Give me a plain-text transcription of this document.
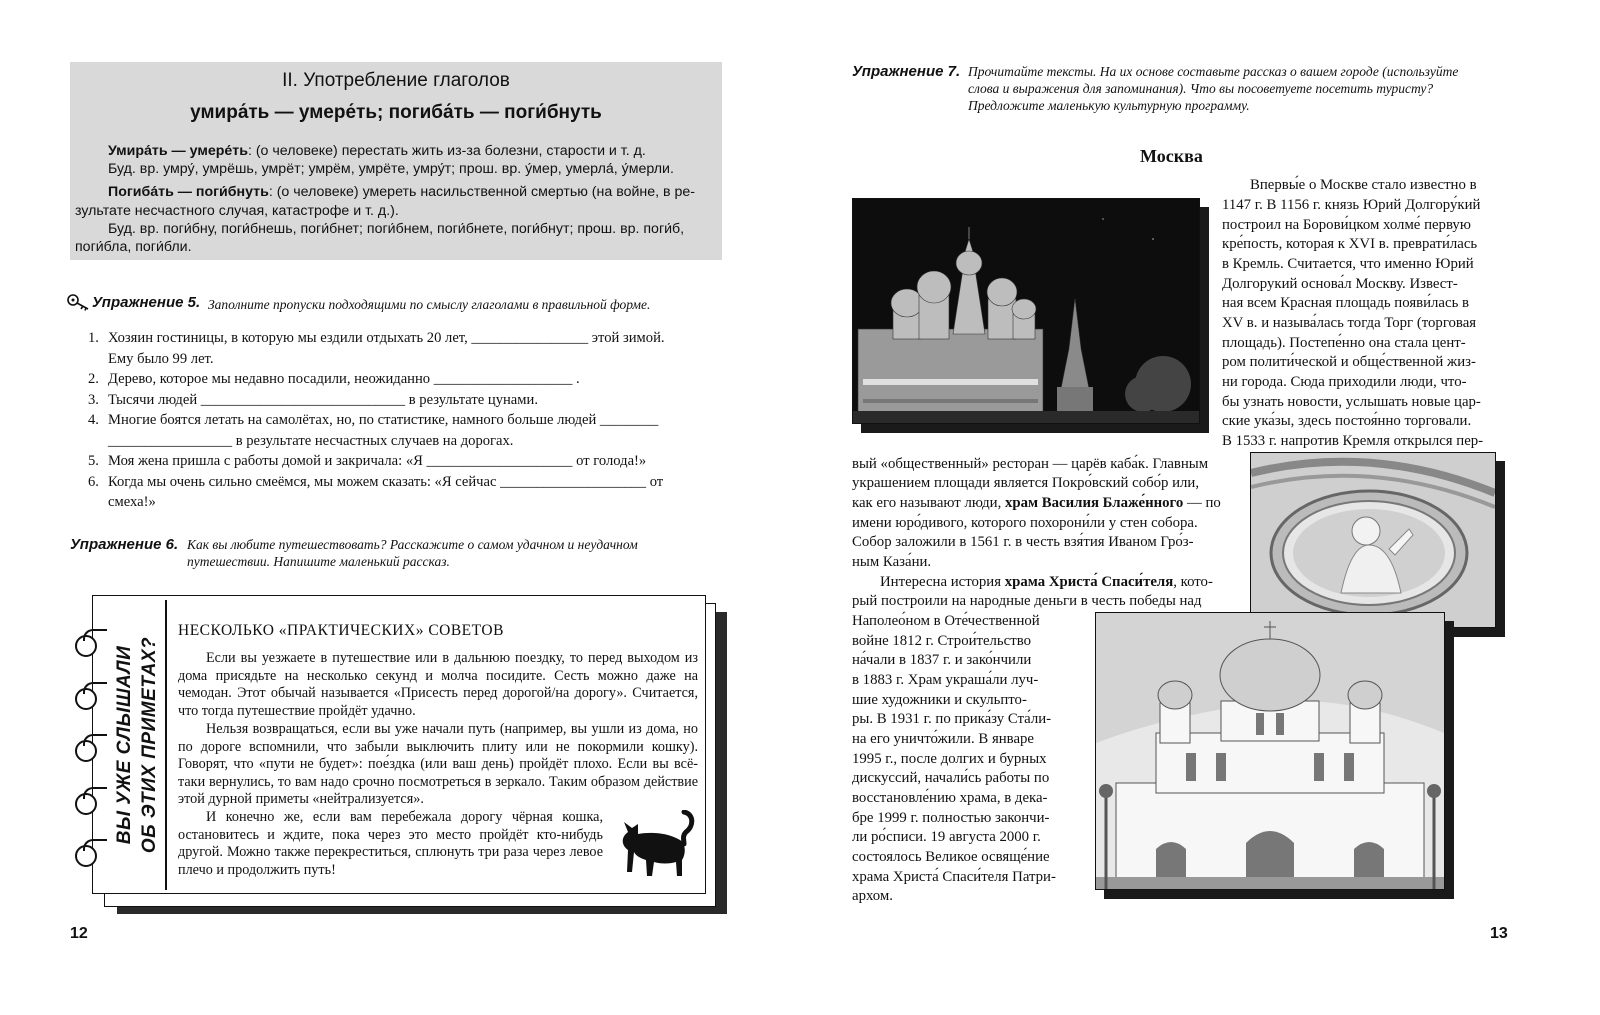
II. Употребление глаголов
умира́ть — умере́ть; погиба́ть — поги́бнуть
Умира́ть — умере́ть: (о человеке) перестать жить из-за болезни, старости и т. д.
Буд. вр. умру́, умрёшь, умрёт; умрём, умрёте, умру́т; прош. вр. у́мер, умерла́, у́мерли.
Погиба́ть — поги́бнуть: (о человеке) умереть насильственной смертью (на войне, в ре-
зультате несчастного случая, катастрофе и т. д.).
Буд. вр. поги́бну, поги́бнешь, поги́бнет; поги́бнем, поги́бнете, поги́бнут; прош. вр. поги́б,
поги́бла, поги́бли.
Упражнение 5. Заполните пропуски подходящими по смыслу глаголами в правильной форме.
1. Хозяин гостиницы, в которую мы ездили отдыхать 20 лет, ________________ этой зимой.
Ему было 99 лет.
2. Дерево, которое мы недавно посадили, неожиданно ___________________ .
3. Тысячи людей ____________________________ в результате цунами.
4. Многие боятся летать на самолётах, но, по статистике, намного больше людей ________
_________________ в результате несчастных случаев на дорогах.
5. Моя жена пришла с работы домой и закричала: «Я ____________________ от голода!»
6. Когда мы очень сильно смеёмся, мы можем сказать: «Я сейчас ____________________ от
смеха!»
Упражнение 6. Как вы любите путешествовать? Расскажите о самом удачном и неудачном
путешествии. Напишите маленький рассказ.
ВЫ УЖЕ СЛЫШАЛИ ОБ ЭТИХ ПРИМЕТАХ?
НЕСКОЛЬКО «ПРАКТИЧЕСКИХ» СОВЕТОВ
Если вы уезжаете в путешествие или в дальнюю поездку, то перед выходом из дома присядьте на несколько секунд и молча посидите. Сесть можно даже на чемодан. Этот обычай называется «Присесть перед дорогой/на дорогу». Считается, что тогда путешествие пройдёт удачно.
Нельзя возвращаться, если вы уже начали путь (например, вы ушли из дома, но по дороге вспомнили, что забыли выключить плиту или не покормили кошку). Говорят, что «пути не будет»: пое́здка (или ваш день) пройдёт плохо. Если вы всё-таки вернулись, то вам надо срочно посмотреться в зеркало. Таким образом действие этой дурной приметы «нейтрализуется».
И конечно же, если вам перебежала дорогу чёрная кошка, остановитесь и ждите, пока через это место пройдёт кто-нибудь другой. Можно также перекреститься, сплюнуть три раза через левое плечо и продолжить путь!
12
Упражнение 7. Прочитайте тексты. На их основе составьте рассказ о вашем городе (используйте
слова и выражения для запоминания). Что вы посоветуете посетить туристу?
Предложите маленькую культурную программу.
Москва
Впервы́е о Москве стало известно в
1147 г. В 1156 г. князь Юрий Долгору́кий
построил на Борови́цком холме́ первую
кре́пость, которая к XVI в. преврати́лась
в Кремль. Считается, что именно Юрий
Долгорукий основа́л Москву. Извест-
ная всем Красная площадь появи́лась в
XV в. и называ́лась тогда Торг (торговая
площадь). Постепе́нно она стала цент-
ром полити́ческой и обще́ственной жиз-
ни города. Сюда приходили люди, что-
бы узнать новости, услышать новые цар-
ские ука́зы, здесь постоя́нно торговали.
В 1533 г. напротив Кремля открылся пер-
вый «общественный» ресторан — царёв каба́к. Главным
украшением площади является Покро́вский собо́р или,
как его называют люди, храм Василия Блаже́нного — по
имени юро́дивого, которого похорони́ли у стен собора.
Собор заложили в 1561 г. в честь взя́тия Иваном Гро́з-
ным Каза́ни.
Интересна история храма Христа́ Спаси́теля, кото-
рый построили на народные деньги в честь победы над
Наполео́ном в Оте́чественной
войне 1812 г. Строи́тельство
на́чали в 1837 г. и зако́нчили
в 1883 г. Храм украша́ли луч-
шие художники и скульпто-
ры. В 1931 г. по прика́зу Ста́ли-
на его уничто́жили. В январе
1995 г., после долгих и бурных
дискуссий, начали́сь работы по
восстановле́нию храма, в дека-
бре 1999 г. полностью закончи-
ли ро́списи. 19 августа 2000 г.
состоялось Великое освяще́ние
храма Христа́ Спаси́теля Патри-
архом.
13
